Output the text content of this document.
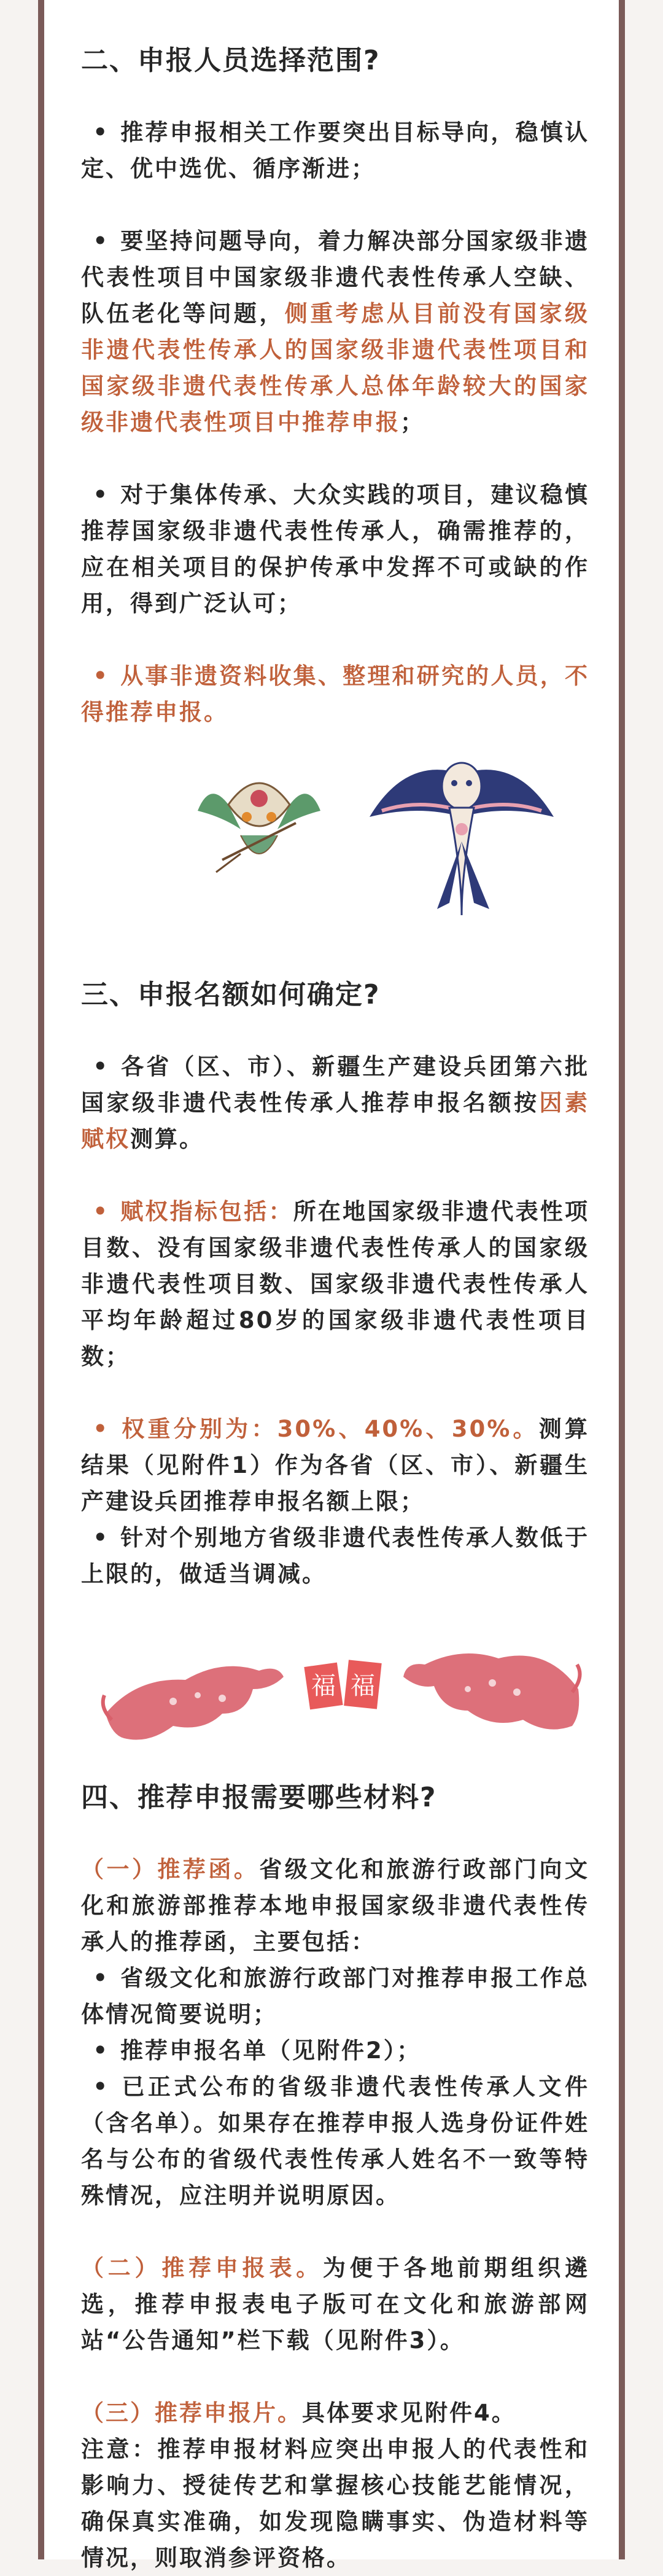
二、申报人员选择范围?

• 推荐申报相关工作要突出目标导向，稳慎认定、优中选优、循序渐进；

• 要坚持问题导向，着力解决部分国家级非遗代表性项目中国家级非遗代表性传承人空缺、队伍老化等问题，侧重考虑从目前没有国家级非遗代表性传承人的国家级非遗代表性项目和国家级非遗代表性传承人总体年龄较大的国家级非遗代表性项目中推荐申报；

• 对于集体传承、大众实践的项目，建议稳慎推荐国家级非遗代表性传承人，确需推荐的，应在相关项目的保护传承中发挥不可或缺的作用，得到广泛认可；

• 从事非遗资料收集、整理和研究的人员，不得推荐申报。

三、申报名额如何确定?

• 各省（区、市）、新疆生产建设兵团第六批国家级非遗代表性传承人推荐申报名额按因素赋权测算。

• 赋权指标包括：所在地国家级非遗代表性项目数、没有国家级非遗代表性传承人的国家级非遗代表性项目数、国家级非遗代表性传承人平均年龄超过80岁的国家级非遗代表性项目数；

• 权重分别为：30%、40%、30%。测算结果（见附件1）作为各省（区、市）、新疆生产建设兵团推荐申报名额上限；

• 针对个别地方省级非遗代表性传承人数低于上限的，做适当调减。

福 福
四、推荐申报需要哪些材料?

（一）推荐函。省级文化和旅游行政部门向文化和旅游部推荐本地申报国家级非遗代表性传承人的推荐函，主要包括：

• 省级文化和旅游行政部门对推荐申报工作总体情况简要说明；

• 推荐申报名单（见附件2）；

• 已正式公布的省级非遗代表性传承人文件（含名单）。如果存在推荐申报人选身份证件姓名与公布的省级代表性传承人姓名不一致等特殊情况，应注明并说明原因。

（二）推荐申报表。为便于各地前期组织遴选，推荐申报表电子版可在文化和旅游部网站“公告通知”栏下载（见附件3）。

（三）推荐申报片。具体要求见附件4。

注意：推荐申报材料应突出申报人的代表性和影响力、授徒传艺和掌握核心技能艺能情况，确保真实准确，如发现隐瞒事实、伪造材料等情况，则取消参评资格。
